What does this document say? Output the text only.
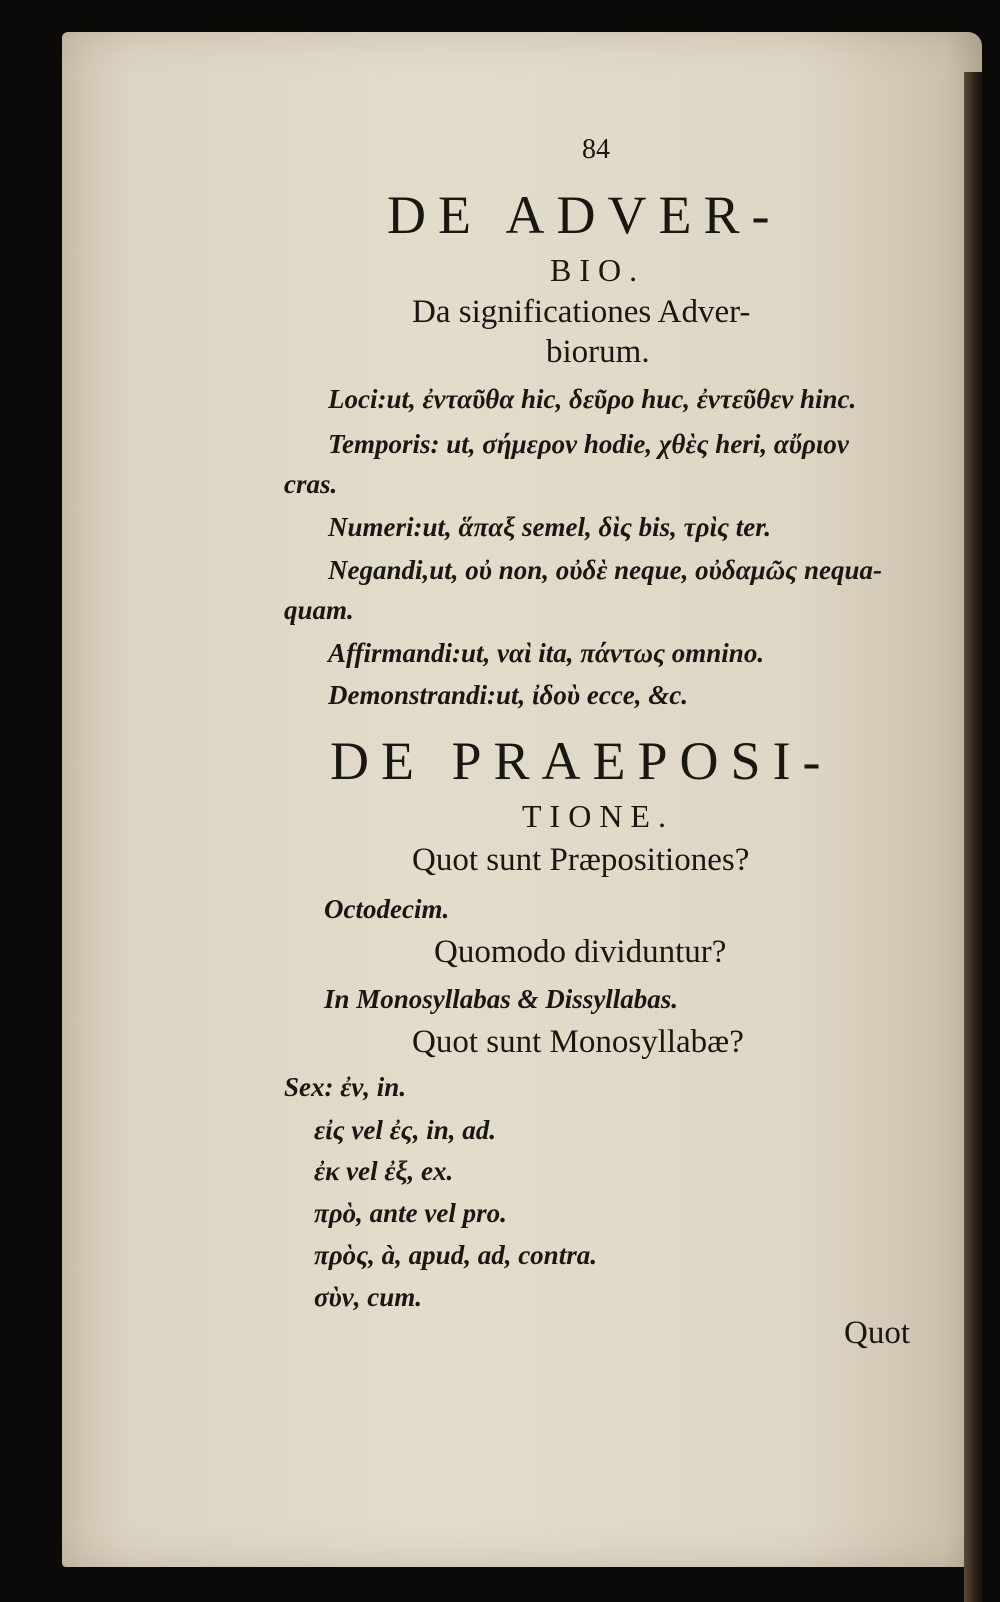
84
DE ADVER-
BIO.
Da significationes Adver-
biorum.
Loci:ut, ἐνταῦθα hic, δεῦρο huc, ἐντεῦθεν hinc.
Temporis: ut, σήμερον hodie, χθὲς heri, αὔριον
cras.
Numeri:ut, ἅπαξ semel, δὶς bis, τρὶς ter.
Negandi,ut, οὐ non, οὐδὲ neque, οὐδαμῶς nequa-
quam.
Affirmandi:ut, ναὶ ita, πάντως omnino.
Demonstrandi:ut, ἰδοὺ ecce, &c.
DE PRAEPOSI-
TIONE.
Quot sunt Præpositiones?
Octodecim.
Quomodo dividuntur?
In Monosyllabas & Dissyllabas.
Quot sunt Monosyllabæ?
Sex: ἐν, in.
εἰς vel ἐς, in, ad.
ἐκ vel ἐξ, ex.
πρὸ, ante vel pro.
πρὸς, à, apud, ad, contra.
σὺν, cum.
Quot
